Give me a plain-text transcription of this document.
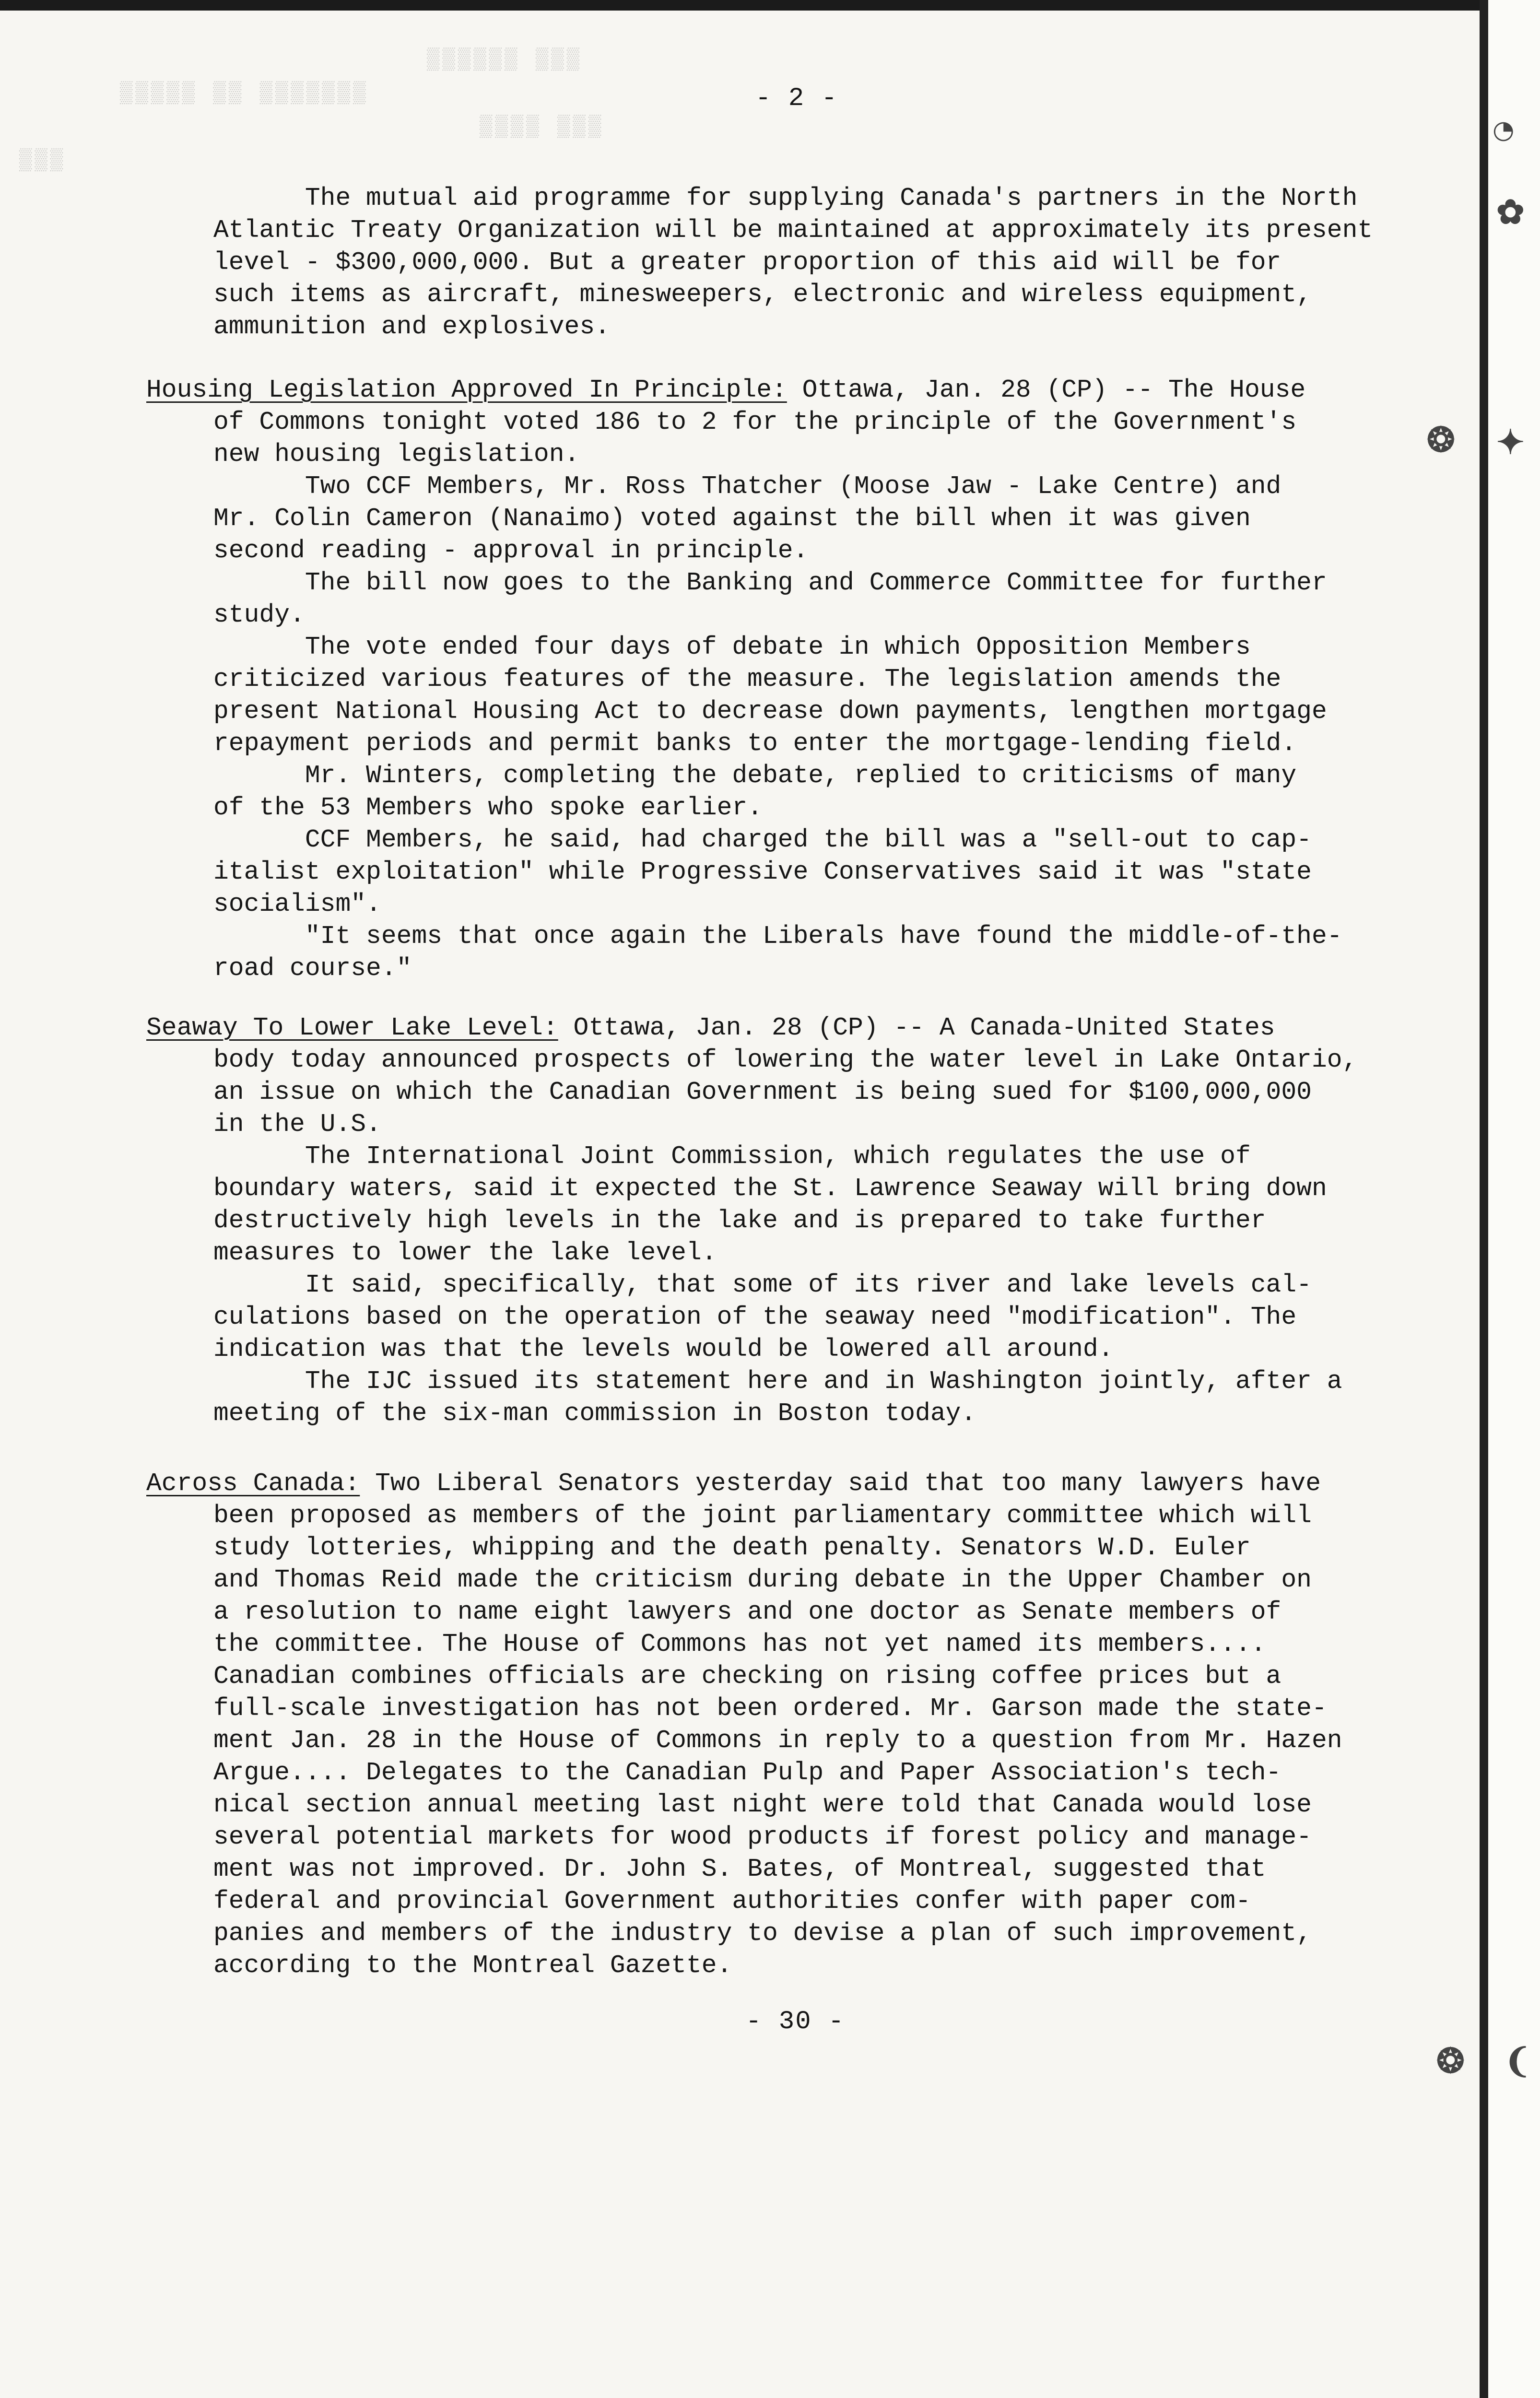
◔
✿
✦
❂
❂ ❨
▒▒▒▒▒▒ ▒▒▒
▒▒▒▒▒ ▒▒ ▒▒▒▒▒▒▒
▒▒▒▒ ▒▒▒
▒▒▒
- 2 -
The mutual aid programme for supplying Canada's partners in the North
Atlantic Treaty Organization will be maintained at approximately its present
level - $300,000,000. But a greater proportion of this aid will be for
such items as aircraft, minesweepers, electronic and wireless equipment,
ammunition and explosives.
Housing Legislation Approved In Principle: Ottawa, Jan. 28 (CP) -- The House
of Commons tonight voted 186 to 2 for the principle of the Government's
new housing legislation.
Two CCF Members, Mr. Ross Thatcher (Moose Jaw - Lake Centre) and
Mr. Colin Cameron (Nanaimo) voted against the bill when it was given
second reading - approval in principle.
The bill now goes to the Banking and Commerce Committee for further
study.
The vote ended four days of debate in which Opposition Members
criticized various features of the measure. The legislation amends the
present National Housing Act to decrease down payments, lengthen mortgage
repayment periods and permit banks to enter the mortgage-lending field.
Mr. Winters, completing the debate, replied to criticisms of many
of the 53 Members who spoke earlier.
CCF Members, he said, had charged the bill was a "sell-out to cap-
italist exploitation" while Progressive Conservatives said it was "state
socialism".
"It seems that once again the Liberals have found the middle-of-the-
road course."
Seaway To Lower Lake Level: Ottawa, Jan. 28 (CP) -- A Canada-United States
body today announced prospects of lowering the water level in Lake Ontario,
an issue on which the Canadian Government is being sued for $100,000,000
in the U.S.
The International Joint Commission, which regulates the use of
boundary waters, said it expected the St. Lawrence Seaway will bring down
destructively high levels in the lake and is prepared to take further
measures to lower the lake level.
It said, specifically, that some of its river and lake levels cal-
culations based on the operation of the seaway need "modification". The
indication was that the levels would be lowered all around.
The IJC issued its statement here and in Washington jointly, after a
meeting of the six-man commission in Boston today.
Across Canada: Two Liberal Senators yesterday said that too many lawyers have
been proposed as members of the joint parliamentary committee which will
study lotteries, whipping and the death penalty. Senators W.D. Euler
and Thomas Reid made the criticism during debate in the Upper Chamber on
a resolution to name eight lawyers and one doctor as Senate members of
the committee. The House of Commons has not yet named its members....
Canadian combines officials are checking on rising coffee prices but a
full-scale investigation has not been ordered. Mr. Garson made the state-
ment Jan. 28 in the House of Commons in reply to a question from Mr. Hazen
Argue.... Delegates to the Canadian Pulp and Paper Association's tech-
nical section annual meeting last night were told that Canada would lose
several potential markets for wood products if forest policy and manage-
ment was not improved. Dr. John S. Bates, of Montreal, suggested that
federal and provincial Government authorities confer with paper com-
panies and members of the industry to devise a plan of such improvement,
according to the Montreal Gazette.
- 30 -
